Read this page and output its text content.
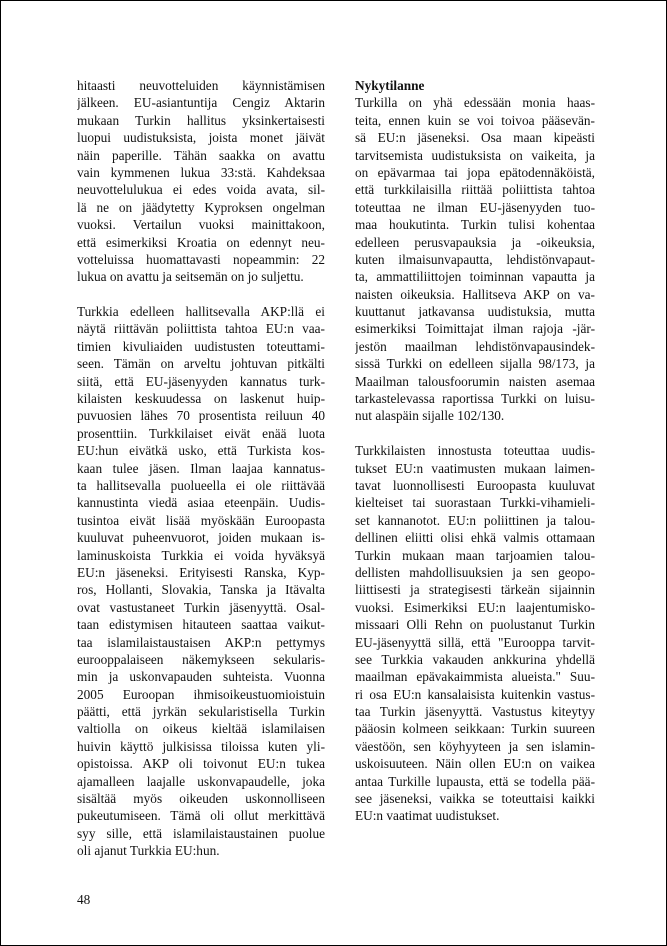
hitaasti neuvotteluiden käynnistämisen
jälkeen. EU-asiantuntija Cengiz Aktarin
mukaan Turkin hallitus yksinkertaisesti
luopui uudistuksista, joista monet jäivät
näin paperille. Tähän saakka on avattu
vain kymmenen lukua 33:stä. Kahdeksaa
neuvottelulukua ei edes voida avata, sil-
lä ne on jäädytetty Kyproksen ongelman
vuoksi. Vertailun vuoksi mainittakoon,
että esimerkiksi Kroatia on edennyt neu-
votteluissa huomattavasti nopeammin: 22
lukua on avattu ja seitsemän on jo suljettu.
Turkkia edelleen hallitsevalla AKP:llä ei
näytä riittävän poliittista tahtoa EU:n vaa-
timien kivuliaiden uudistusten toteuttami-
seen. Tämän on arveltu johtuvan pitkälti
siitä, että EU-jäsenyyden kannatus turk-
kilaisten keskuudessa on laskenut huip-
puvuosien lähes 70 prosentista reiluun 40
prosenttiin. Turkkilaiset eivät enää luota
EU:hun eivätkä usko, että Turkista kos-
kaan tulee jäsen. Ilman laajaa kannatus-
ta hallitsevalla puolueella ei ole riittävää
kannustinta viedä asiaa eteenpäin. Uudis-
tusintoa eivät lisää myöskään Euroopasta
kuuluvat puheenvuorot, joiden mukaan is-
laminuskoista Turkkia ei voida hyväksyä
EU:n jäseneksi. Erityisesti Ranska, Kyp-
ros, Hollanti, Slovakia, Tanska ja Itävalta
ovat vastustaneet Turkin jäsenyyttä. Osal-
taan edistymisen hitauteen saattaa vaikut-
taa islamilaistaustaisen AKP:n pettymys
eurooppalaiseen näkemykseen sekularis-
min ja uskonvapauden suhteista. Vuonna
2005 Euroopan ihmisoikeustuomioistuin
päätti, että jyrkän sekularistisella Turkin
valtiolla on oikeus kieltää islamilaisen
huivin käyttö julkisissa tiloissa kuten yli-
opistoissa. AKP oli toivonut EU:n tukea
ajamalleen laajalle uskonvapaudelle, joka
sisältää myös oikeuden uskonnolliseen
pukeutumiseen. Tämä oli ollut merkittävä
syy sille, että islamilaistaustainen puolue
oli ajanut Turkkia EU:hun.
Nykytilanne
Turkilla on yhä edessään monia haas-
teita, ennen kuin se voi toivoa pääsevän-
sä EU:n jäseneksi. Osa maan kipeästi
tarvitsemista uudistuksista on vaikeita, ja
on epävarmaa tai jopa epätodennäköistä,
että turkkilaisilla riittää poliittista tahtoa
toteuttaa ne ilman EU-jäsenyyden tuo-
maa houkutinta. Turkin tulisi kohentaa
edelleen perusvapauksia ja -oikeuksia,
kuten ilmaisunvapautta, lehdistönvapaut-
ta, ammattiliittojen toiminnan vapautta ja
naisten oikeuksia. Hallitseva AKP on va-
kuuttanut jatkavansa uudistuksia, mutta
esimerkiksi Toimittajat ilman rajoja -jär-
jestön maailman lehdistönvapausindek-
sissä Turkki on edelleen sijalla 98/173, ja
Maailman talousfoorumin naisten asemaa
tarkastelevassa raportissa Turkki on luisu-
nut alaspäin sijalle 102/130.
Turkkilaisten innostusta toteuttaa uudis-
tukset EU:n vaatimusten mukaan laimen-
tavat luonnollisesti Euroopasta kuuluvat
kielteiset tai suorastaan Turkki-vihamieli-
set kannanotot. EU:n poliittinen ja talou-
dellinen eliitti olisi ehkä valmis ottamaan
Turkin mukaan maan tarjoamien talou-
dellisten mahdollisuuksien ja sen geopo-
liittisesti ja strategisesti tärkeän sijainnin
vuoksi. Esimerkiksi EU:n laajentumisko-
missaari Olli Rehn on puolustanut Turkin
EU-jäsenyyttä sillä, että "Eurooppa tarvit-
see Turkkia vakauden ankkurina yhdellä
maailman epävakaimmista alueista." Suu-
ri osa EU:n kansalaisista kuitenkin vastus-
taa Turkin jäsenyyttä. Vastustus kiteytyy
pääosin kolmeen seikkaan: Turkin suureen
väestöön, sen köyhyyteen ja sen islamin-
uskoisuuteen. Näin ollen EU:n on vaikea
antaa Turkille lupausta, että se todella pää-
see jäseneksi, vaikka se toteuttaisi kaikki
EU:n vaatimat uudistukset.
48
